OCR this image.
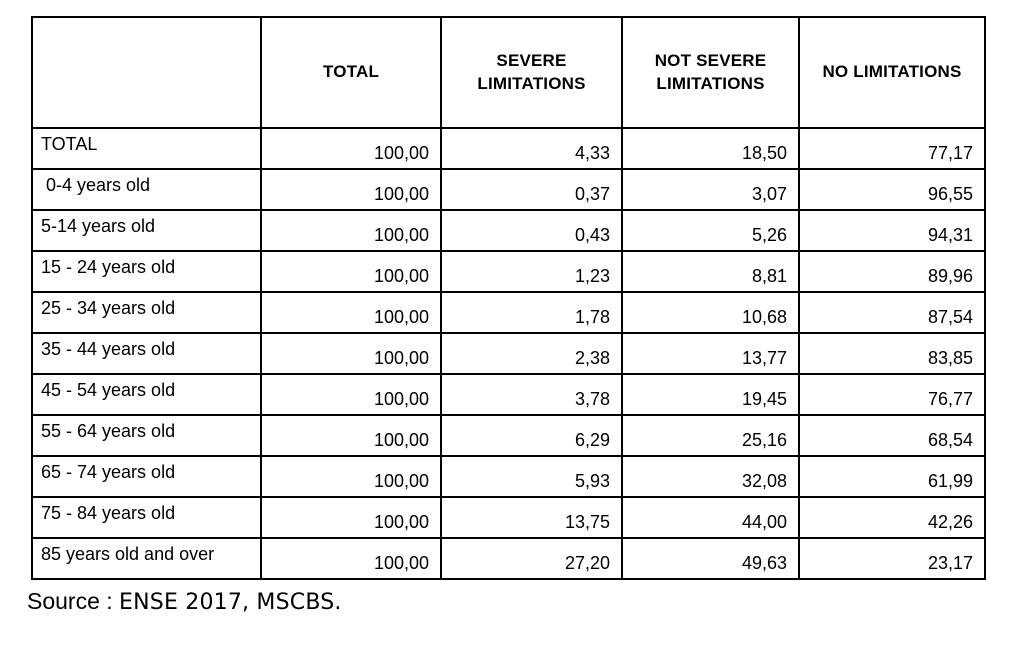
	TOTAL	SEVERE LIMITATIONS	NOT SEVERE LIMITATIONS	NO LIMITATIONS
TOTAL	100,00	4,33	18,50	77,17
0-4 years old	100,00	0,37	3,07	96,55
5-14 years old	100,00	0,43	5,26	94,31
15 - 24 years old	100,00	1,23	8,81	89,96
25 - 34 years old	100,00	1,78	10,68	87,54
35 - 44 years old	100,00	2,38	13,77	83,85
45 - 54 years old	100,00	3,78	19,45	76,77
55 - 64 years old	100,00	6,29	25,16	68,54
65 - 74 years old	100,00	5,93	32,08	61,99
75 - 84 years old	100,00	13,75	44,00	42,26
85 years old and over	100,00	27,20	49,63	23,17
Source : ENSE 2017, MSCBS.
